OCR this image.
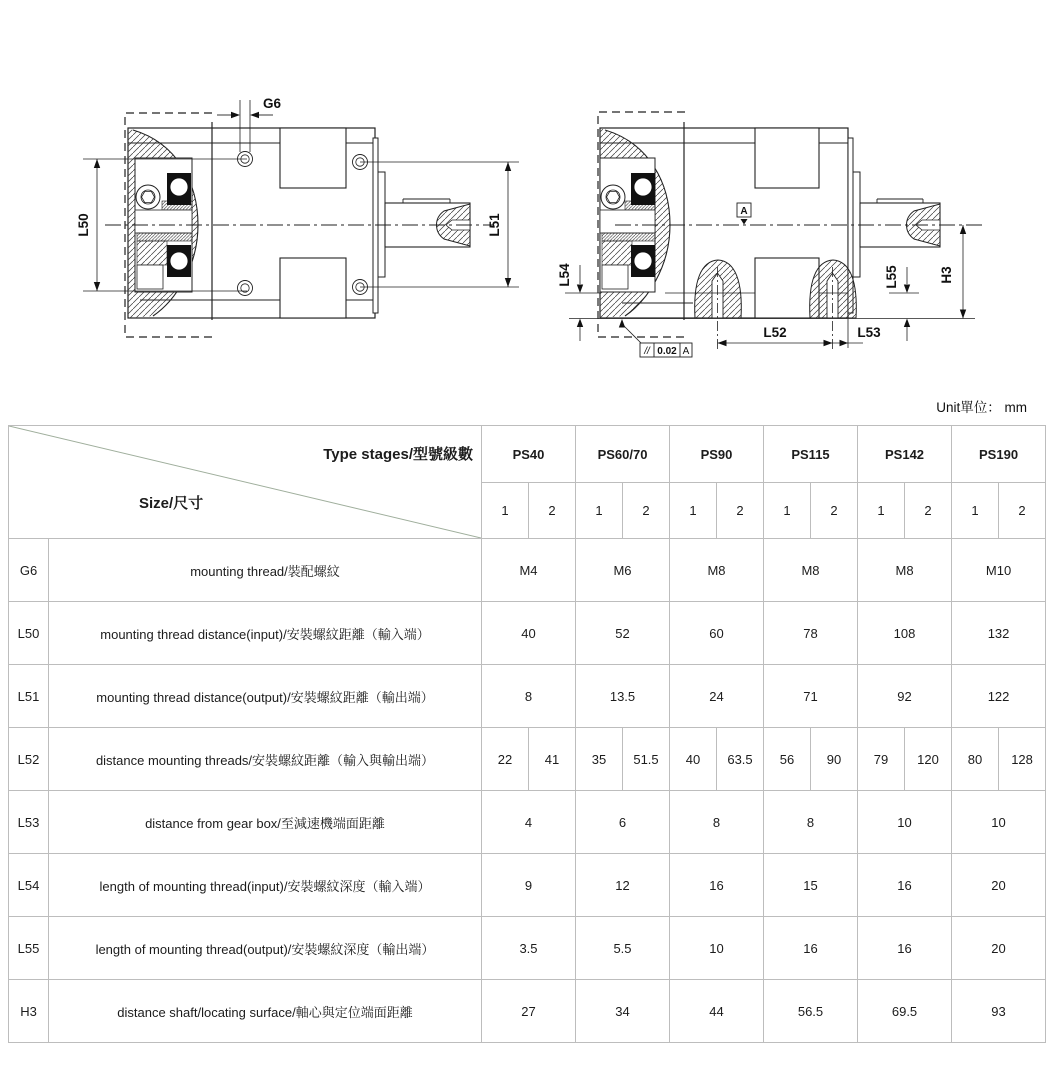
L50	L51
G6
A
L54	L55	H3
L52	L53
// 0.02 A
Unit單位： mm
Type stages/型號級數
Size/尺寸		PS40		PS60/70		PS90		PS115		PS142		PS190	
		1	2	1	2	1	2	1	2	1	2	1	2
G6	mounting thread/裝配螺紋	M4		M6		M8		M8		M8		M10	
L50	mounting thread distance(input)/安裝螺紋距離（輸入端）	40		52		60		78		108		132	
L51	mounting thread distance(output)/安裝螺紋距離（輸出端）	8		13.5		24		71		92		122	
L52	distance mounting threads/安裝螺紋距離（輸入與輸出端）	22	41	35	51.5	40	63.5	56	90	79	120	80	128
L53	distance from gear box/至減速機端面距離	4		6		8		8		10		10	
L54	length of mounting thread(input)/安裝螺紋深度（輸入端）	9		12		16		15		16		20	
L55	length of mounting thread(output)/安裝螺紋深度（輸出端）	3.5		5.5		10		16		16		20	
H3	distance shaft/locating surface/軸心與定位端面距離	27		34		44		56.5		69.5		93	
